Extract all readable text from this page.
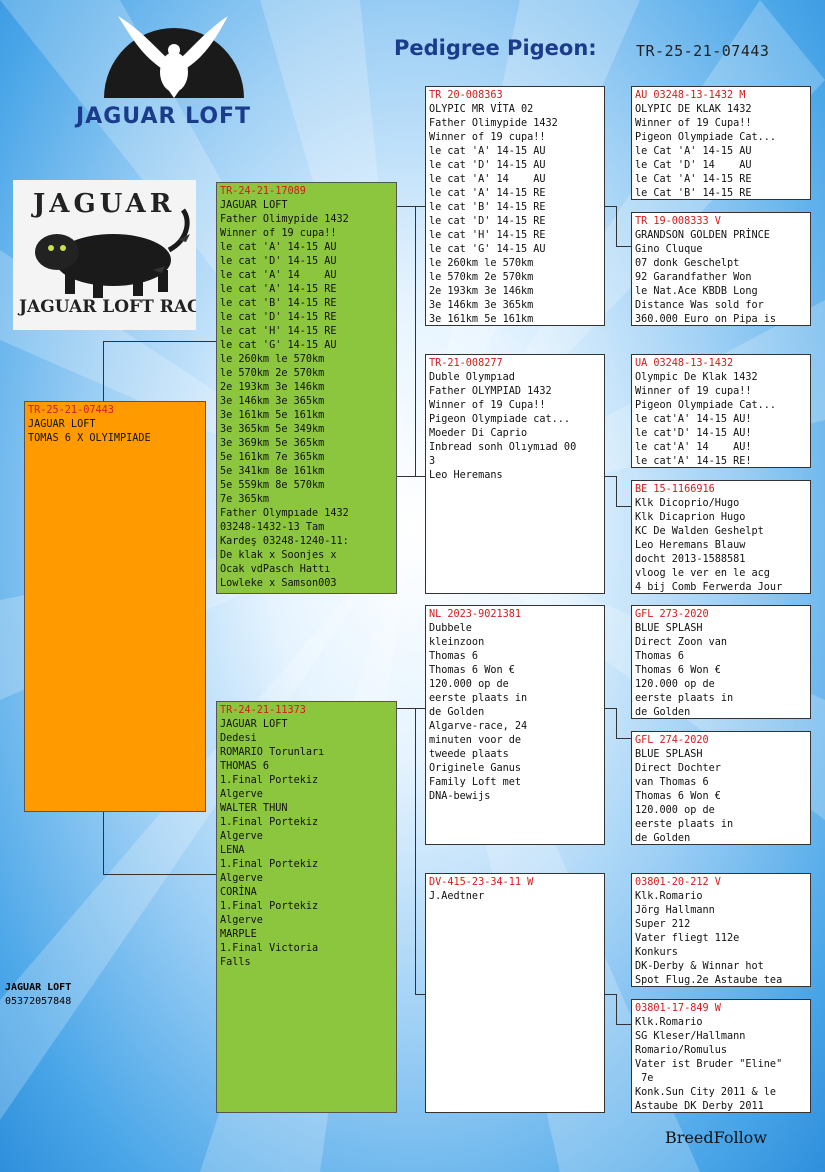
Pedigree Pigeon:	TR-25-21-07443
JAGUAR LOFT
JAGUAR
JAGUAR LOFT RACE
TR-25-21-07443
JAGUAR LOFT
TOMAS 6 X OLYIMPIADE
TR-24-21-17089
JAGUAR LOFT
Father Olimypide 1432
Winner of 19 cupa!!
le cat 'A' 14-15 AU
le cat 'D' 14-15 AU
le cat 'A' 14    AU
le cat 'A' 14-15 RE
le cat 'B' 14-15 RE
le cat 'D' 14-15 RE
le cat 'H' 14-15 RE
le cat 'G' 14-15 AU
le 260km le 570km
le 570km 2e 570km
2e 193km 3e 146km
3e 146km 3e 365km
3e 161km 5e 161km
3e 365km 5e 349km
3e 369km 5e 365km
5e 161km 7e 365km
5e 341km 8e 161km
5e 559km 8e 570km
7e 365km
Father Olympıade 1432
03248-1432-13 Tam
Kardeş 03248-1240-11:
De klak x Soonjes x
Ocak vdPasch Hattı
Lowleke x Samson003
TR-24-21-11373
JAGUAR LOFT
Dedesi
ROMARIO Torunları
THOMAS 6
1.Final Portekiz
Algerve
WALTER THUN
1.Final Portekiz
Algerve
LENA
1.Final Portekiz
Algerve
CORİNA
1.Final Portekiz
Algerve
MARPLE
1.Final Victoria
Falls
TR 20-008363
OLYPIC MR VİTA 02
Father Olimypide 1432
Winner of 19 cupa!!
le cat 'A' 14-15 AU
le cat 'D' 14-15 AU
le cat 'A' 14    AU
le cat 'A' 14-15 RE
le cat 'B' 14-15 RE
le cat 'D' 14-15 RE
le cat 'H' 14-15 RE
le cat 'G' 14-15 AU
le 260km le 570km
le 570km 2e 570km
2e 193km 3e 146km
3e 146km 3e 365km
3e 161km 5e 161km
TR-21-008277
Duble Olympıad
Father OLYMPIAD 1432
Winner of 19 Cupa!!
Pigeon Olympiade cat...
Moeder Di Caprio
Inbread sonh Olıymıad 00
3
Leo Heremans
NL 2023-9021381
Dubbele
kleinzoon
Thomas 6
Thomas 6 Won €
120.000 op de
eerste plaats in
de Golden
Algarve-race, 24
minuten voor de
tweede plaats
Originele Ganus
Family Loft met
DNA-bewijs
DV-415-23-34-11 W
J.Aedtner
AU 03248-13-1432 M
OLYPIC DE KLAK 1432
Winner of 19 Cupa!!
Pigeon Olympiade Cat...
le Cat 'A' 14-15 AU
le Cat 'D' 14    AU
le Cat 'A' 14-15 RE
le Cat 'B' 14-15 RE
TR 19-008333 V
GRANDSON GOLDEN PRİNCE
Gino Cluque
07 donk Geschelpt
92 Garandfather Won
le Nat.Ace KBDB Long
Distance Was sold for
360.000 Euro on Pipa is
UA 03248-13-1432
Olympic De Klak 1432
Winner of 19 cupa!!
Pigeon Olympiade Cat...
le cat'A' 14-15 AU!
le cat'D' 14-15 AU!
le cat'A' 14    AU!
le cat'A' 14-15 RE!
BE 15-1166916
Klk Dicoprio/Hugo
Klk Dicaprion Hugo
KC De Walden Geshelpt
Leo Heremans Blauw
docht 2013-1588581
vloog le ver en le acg
4 bij Comb Ferwerda Jour
GFL 273-2020
BLUE SPLASH
Direct Zoon van
Thomas 6
Thomas 6 Won €
120.000 op de
eerste plaats in
de Golden
GFL 274-2020
BLUE SPLASH
Direct Dochter
van Thomas 6
Thomas 6 Won €
120.000 op de
eerste plaats in
de Golden
03801-20-212 V
Klk.Romario
Jörg Hallmann
Super 212
Vater fliegt 112e
Konkurs
DK-Derby & Winnar hot
Spot Flug.2e Astaube tea
03801-17-849 W
Klk.Romario
SG Kleser/Hallmann
Romario/Romulus
Vater ist Bruder "Eline"
7e
Konk.Sun City 2011 & le
Astaube DK Derby 2011
JAGUAR LOFT
05372057848
BreedFollow
